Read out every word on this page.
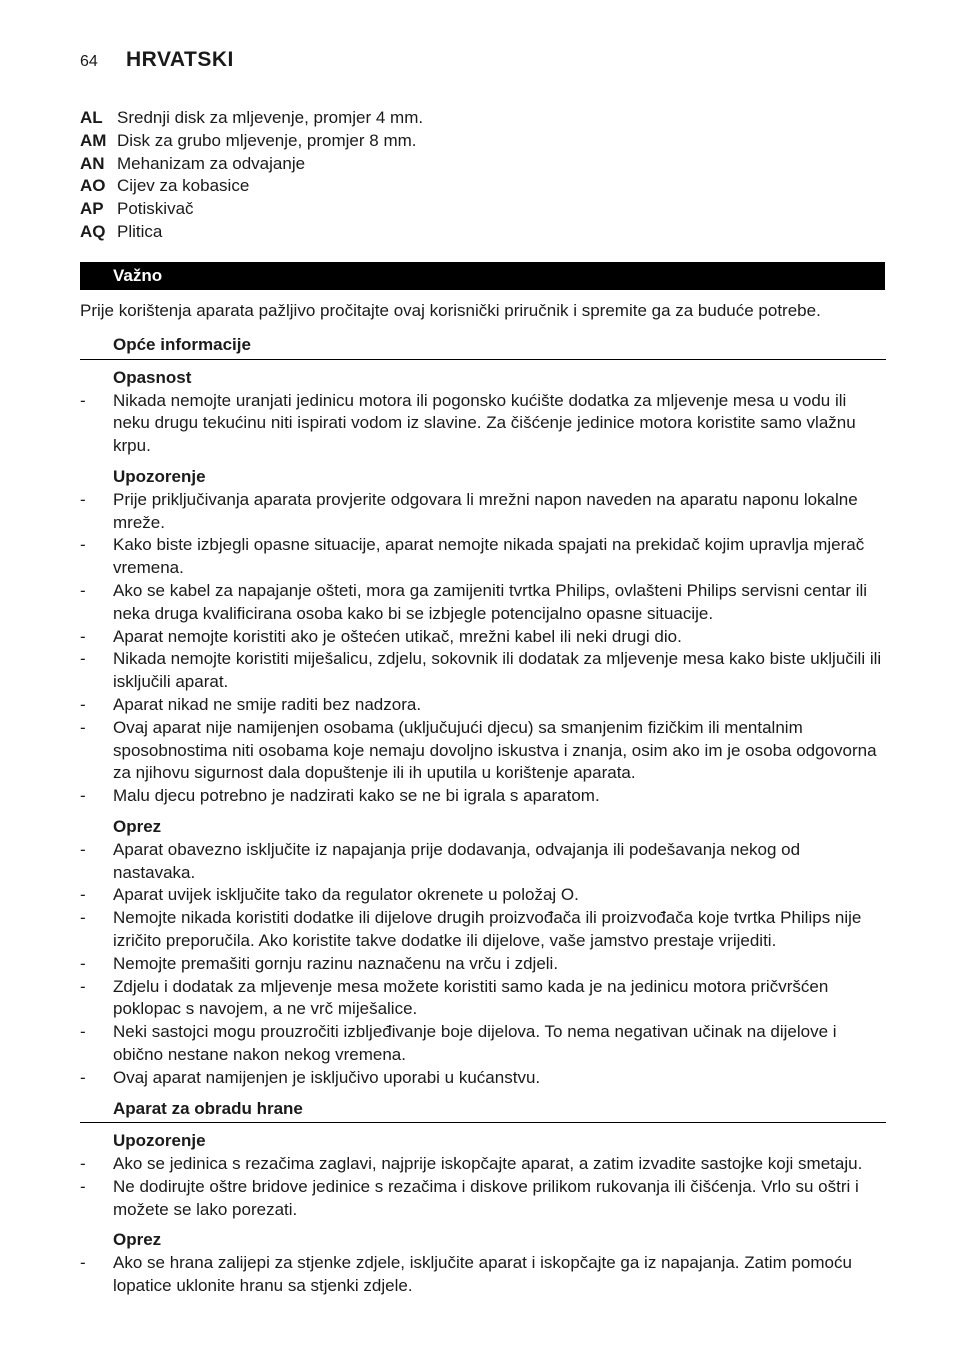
64	HRVATSKI
AL Srednji disk za mljevenje, promjer 4 mm.
AM Disk za grubo mljevenje, promjer 8 mm.
AN Mehanizam za odvajanje
AO Cijev za kobasice
AP Potiskivač
AQ Plitica
Važno
Prije korištenja aparata pažljivo pročitajte ovaj korisnički priručnik i spremite ga za buduće potrebe.
Opće informacije
Opasnost
-	Nikada nemojte uranjati jedinicu motora ili pogonsko kućište dodatka za mljevenje mesa u vodu ili neku drugu tekućinu niti ispirati vodom iz slavine. Za čišćenje jedinice motora koristite samo vlažnu krpu.
Upozorenje
-	Prije priključivanja aparata provjerite odgovara li mrežni napon naveden na aparatu naponu lokalne mreže.
-	Kako biste izbjegli opasne situacije, aparat nemojte nikada spajati na prekidač kojim upravlja mjerač vremena.
-	Ako se kabel za napajanje ošteti, mora ga zamijeniti tvrtka Philips, ovlašteni Philips servisni centar ili neka druga kvalificirana osoba kako bi se izbjegle potencijalno opasne situacije.
-	Aparat nemojte koristiti ako je oštećen utikač, mrežni kabel ili neki drugi dio.
-	Nikada nemojte koristiti miješalicu, zdjelu, sokovnik ili dodatak za mljevenje mesa kako biste uključili ili isključili aparat.
-	Aparat nikad ne smije raditi bez nadzora.
-	Ovaj aparat nije namijenjen osobama (uključujući djecu) sa smanjenim fizičkim ili mentalnim sposobnostima niti osobama koje nemaju dovoljno iskustva i znanja, osim ako im je osoba odgovorna za njihovu sigurnost dala dopuštenje ili ih uputila u korištenje aparata.
-	Malu djecu potrebno je nadzirati kako se ne bi igrala s aparatom.
Oprez
-	Aparat obavezno isključite iz napajanja prije dodavanja, odvajanja ili podešavanja nekog od nastavaka.
-	Aparat uvijek isključite tako da regulator okrenete u položaj O.
-	Nemojte nikada koristiti dodatke ili dijelove drugih proizvođača ili proizvođača koje tvrtka Philips nije izričito preporučila. Ako koristite takve dodatke ili dijelove, vaše jamstvo prestaje vrijediti.
-	Nemojte premašiti gornju razinu naznačenu na vrču i zdjeli.
-	Zdjelu i dodatak za mljevenje mesa možete koristiti samo kada je na jedinicu motora pričvršćen poklopac s navojem, a ne vrč miješalice.
-	Neki sastojci mogu prouzročiti izbljeđivanje boje dijelova. To nema negativan učinak na dijelove i obično nestane nakon nekog vremena.
-	Ovaj aparat namijenjen je isključivo uporabi u kućanstvu.
Aparat za obradu hrane
Upozorenje
-	Ako se jedinica s rezačima zaglavi, najprije iskopčajte aparat, a zatim izvadite sastojke koji smetaju.
-	Ne dodirujte oštre bridove jedinice s rezačima i diskove prilikom rukovanja ili čišćenja. Vrlo su oštri i možete se lako porezati.
Oprez
-	Ako se hrana zalijepi za stjenke zdjele, isključite aparat i iskopčajte ga iz napajanja. Zatim pomoću lopatice uklonite hranu sa stjenki zdjele.
